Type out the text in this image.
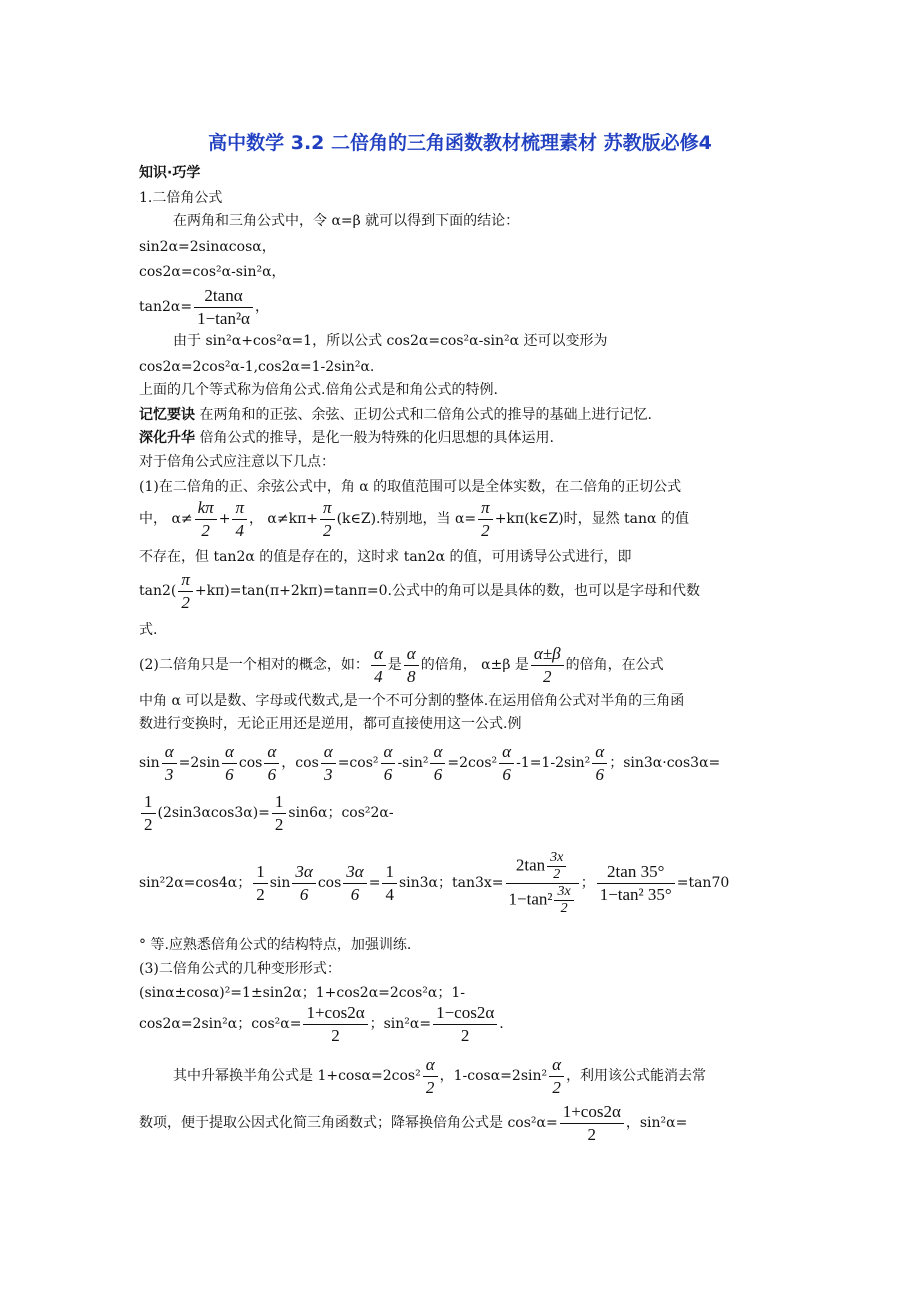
高中数学 3.2 二倍角的三角函数教材梳理素材 苏教版必修4
知识·巧学
1.二倍角公式
在两角和三角公式中，令 α=β 就可以得到下面的结论：
sin2α=2sinαcosα，
cos2α=cos²α-sin²α，
$\tan 2\alpha= \frac{2\tan\alpha}{\text{1−tan²α}}$ ，
由于 sin²α+cos²α=1，所以公式 cos2α=cos²α-sin²α 还可以变形为
cos2α=2cos²α-1,cos2α=1-2sin²α.
上面的几个等式称为倍角公式.倍角公式是和角公式的特例.
记忆要诀 在两角和的正弦、余弦、正切公式和二倍角公式的推导的基础上进行记忆.
深化升华 倍角公式的推导，是化一般为特殊的化归思想的具体运用.
对于倍角公式应注意以下几点：
(1)在二倍角的正、余弦公式中，角 α 的取值范围可以是全体实数，在二倍角的正切公式
中， $\alpha\ne \frac{k\pi}{2} + \frac{\pi}{4}$ ， $\alpha\ne k\pi+ \frac{\pi}{2}$ (k∈Z).特别地，当 $\alpha= \frac{\pi}{2}$ +kπ(k∈Z)时，显然 tanα 的值
不存在，但 tan2α 的值是存在的，这时求 tan2α 的值，可用诱导公式进行，即
$\tan 2( \frac{\pi}{2} +k\pi)=\tan(\pi+2k\pi)=\tan\pi=0$.公式中的角可以是具体的数，也可以是字母和代数
式.
(2)二倍角只是一个相对的概念，如： $\frac{\alpha}{4}$ 是 $\frac{\alpha}{8}$ 的倍角， α±β 是 $\frac{\alpha\pm\beta}{2}$ 的倍角，在公式
中角 α 可以是数、字母或代数式,是一个不可分割的整体.在运用倍角公式对半角的三角函
数进行变换时，无论正用还是逆用，都可直接使用这一公式.例
$\sin \frac{\alpha}{3} =2\sin \frac{\alpha}{6}$ $\cos \frac{\alpha}{6}$ ，$\cos \frac{\alpha}{3} =\cos^2 \frac{\alpha}{6} -\sin^2 \frac{\alpha}{6} =2\cos^2 \frac{\alpha}{6} -1=1-2\sin^2 \frac{\alpha}{6}$ ；sin3α·cos3α=
$\frac{1}{2} (2\sin 3\alpha\cos 3\alpha)= \frac{1}{2} \sin 6\alpha$；cos²2α-
sin²2α=cos4α； $\frac{1}{2}$ $\sin \frac{3\alpha}{6}$ $\cos \frac{3\alpha}{6} = \frac{1}{4} \sin 3\alpha$；$\tan 3x= \frac{2\tan \frac{3x}{2}}{1-\tan^2 \frac{3x}{2}}$ ； $\frac{2\tan 35^\circ}{\text{1−tan² 35°}} =\tan 70$
° 等.应熟悉倍角公式的结构特点，加强训练.
(3)二倍角公式的几种变形形式：
(sinα±cosα)²=1±sin2α；1+cos2α=2cos²α；1-
cos2α=2sin²α；$\cos^2\alpha= \frac{1+\cos 2\alpha}{2}$ ；$\sin^2\alpha= \frac{1-\cos 2\alpha}{2}$ .
其中升幂换半角公式是 $1+\cos\alpha=2\cos^2 \frac{\alpha}{2}$ ，$1-\cos\alpha=2\sin^2 \frac{\alpha}{2}$ ，利用该公式能消去常
数项，便于提取公因式化简三角函数式；降幂换倍角公式是 $\cos^2\alpha= \frac{1+\cos 2\alpha}{2}$ ，sin²α=
